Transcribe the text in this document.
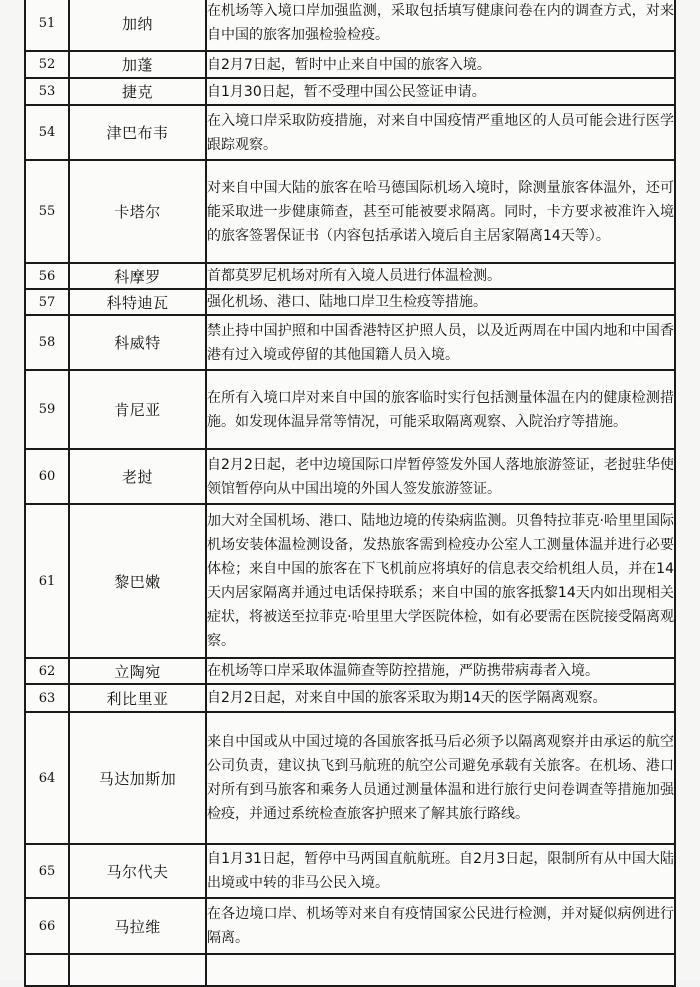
51	加纳	在机场等入境口岸加强监测，采取包括填写健康问卷在内的调查方式，对来自中国的旅客加强检验检疫。
52	加蓬	自2月7日起，暂时中止来自中国的旅客入境。
53	捷克	自1月30日起，暂不受理中国公民签证申请。
54	津巴布韦	在入境口岸采取防疫措施，对来自中国疫情严重地区的人员可能会进行医学跟踪观察。
55	卡塔尔	对来自中国大陆的旅客在哈马德国际机场入境时，除测量旅客体温外，还可能采取进一步健康筛查，甚至可能被要求隔离。同时，卡方要求被准许入境的旅客签署保证书（内容包括承诺入境后自主居家隔离14天等）。
56	科摩罗	首都莫罗尼机场对所有入境人员进行体温检测。
57	科特迪瓦	强化机场、港口、陆地口岸卫生检疫等措施。
58	科威特	禁止持中国护照和中国香港特区护照人员，以及近两周在中国内地和中国香港有过入境或停留的其他国籍人员入境。
59	肯尼亚	在所有入境口岸对来自中国的旅客临时实行包括测量体温在内的健康检测措施。如发现体温异常等情况，可能采取隔离观察、入院治疗等措施。
60	老挝	自2月2日起，老中边境国际口岸暂停签发外国人落地旅游签证，老挝驻华使领馆暂停向从中国出境的外国人签发旅游签证。
61	黎巴嫩	加大对全国机场、港口、陆地边境的传染病监测。贝鲁特拉菲克·哈里里国际机场安装体温检测设备，发热旅客需到检疫办公室人工测量体温并进行必要体检；来自中国的旅客在下飞机前应将填好的信息表交给机组人员，并在14天内居家隔离并通过电话保持联系；来自中国的旅客抵黎14天内如出现相关症状，将被送至拉菲克·哈里里大学医院体检，如有必要需在医院接受隔离观察。
62	立陶宛	在机场等口岸采取体温筛查等防控措施，严防携带病毒者入境。
63	利比里亚	自2月2日起，对来自中国的旅客采取为期14天的医学隔离观察。
64	马达加斯加	来自中国或从中国过境的各国旅客抵马后必须予以隔离观察并由承运的航空公司负责，建议执飞到马航班的航空公司避免承载有关旅客。在机场、港口对所有到马旅客和乘务人员通过测量体温和进行旅行史问卷调查等措施加强检疫，并通过系统检查旅客护照来了解其旅行路线。
65	马尔代夫	自1月31日起，暂停中马两国直航航班。自2月3日起，限制所有从中国大陆出境或中转的非马公民入境。
66	马拉维	在各边境口岸、机场等对来自有疫情国家公民进行检测，并对疑似病例进行隔离。
